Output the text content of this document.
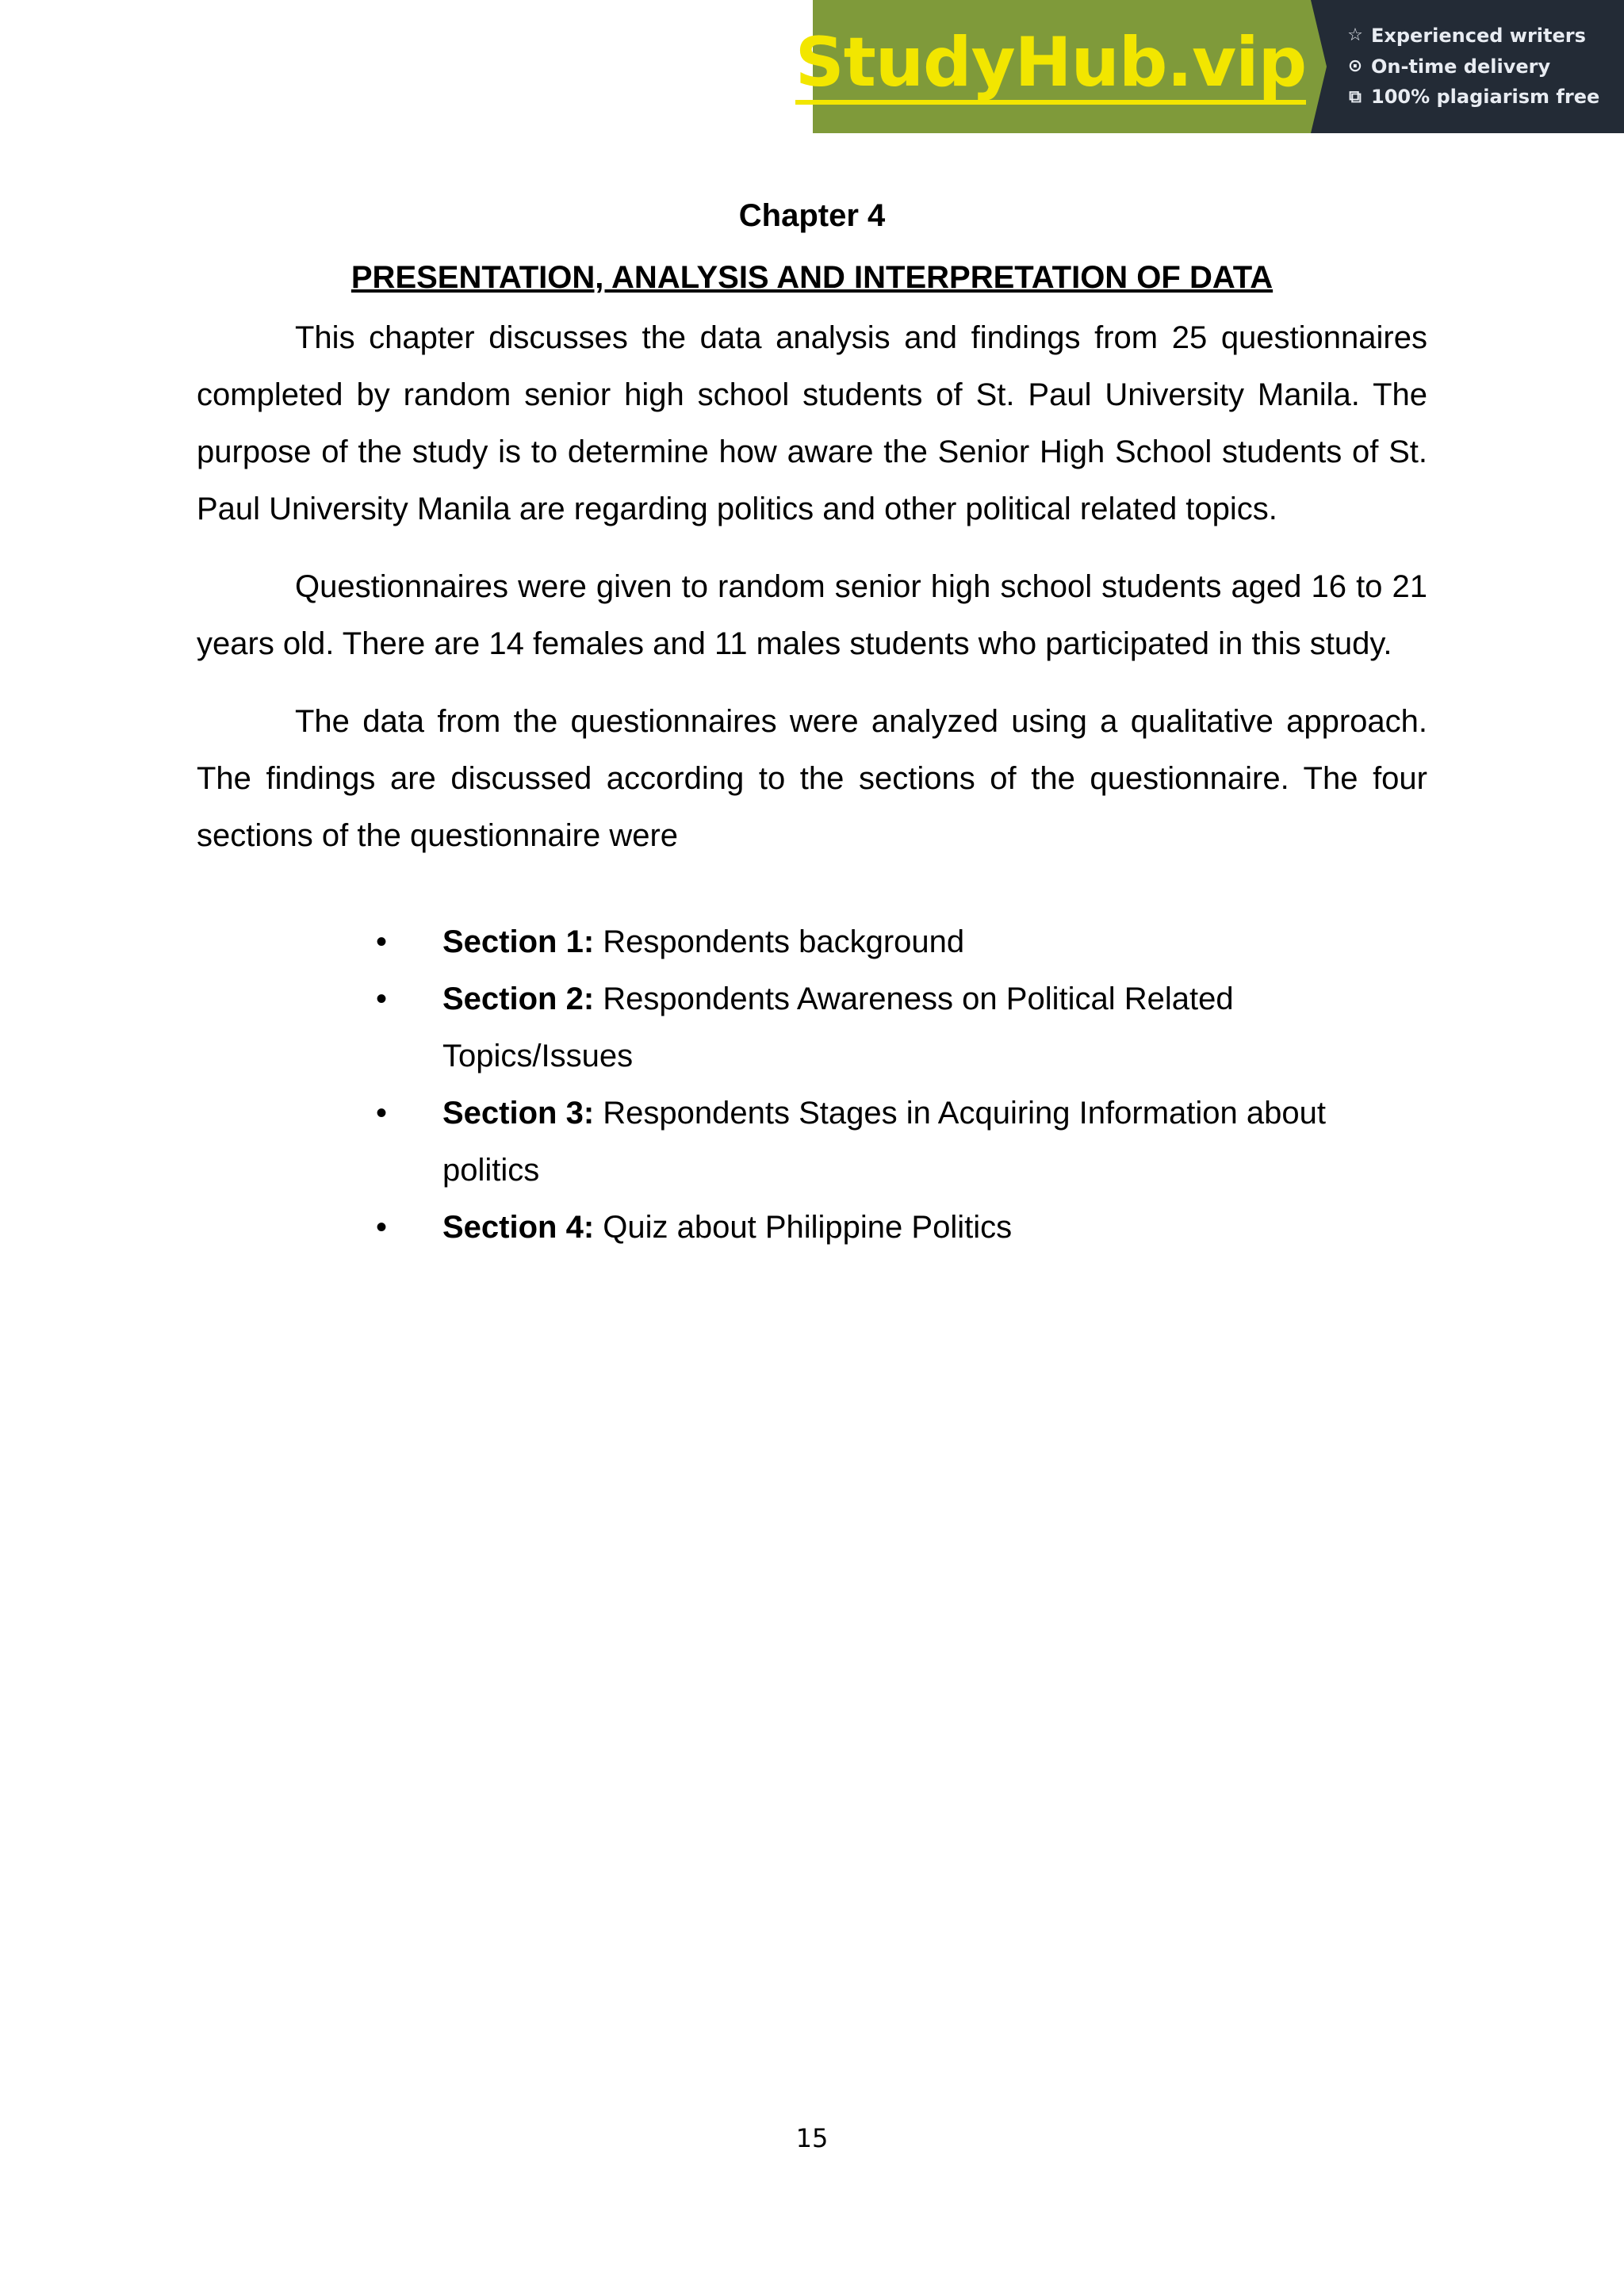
StudyHub.vip ☆ Experienced writers
⊙ On-time delivery
⧉ 100% plagiarism free

Chapter 4

PRESENTATION, ANALYSIS AND INTERPRETATION OF DATA

This chapter discusses the data analysis and findings from 25 questionnaires completed by random senior high school students of St. Paul University Manila. The purpose of the study is to determine how aware the Senior High School students of St. Paul University Manila are regarding politics and other political related topics.

Questionnaires were given to random senior high school students aged 16 to 21 years old. There are 14 females and 11 males students who participated in this study.

The data from the questionnaires were analyzed using a qualitative approach. The findings are discussed according to the sections of the questionnaire. The four sections of the questionnaire were

• Section 1: Respondents background
• Section 2: Respondents Awareness on Political Related Topics/Issues
• Section 3: Respondents Stages in Acquiring Information about politics
• Section 4: Quiz about Philippine Politics
15
